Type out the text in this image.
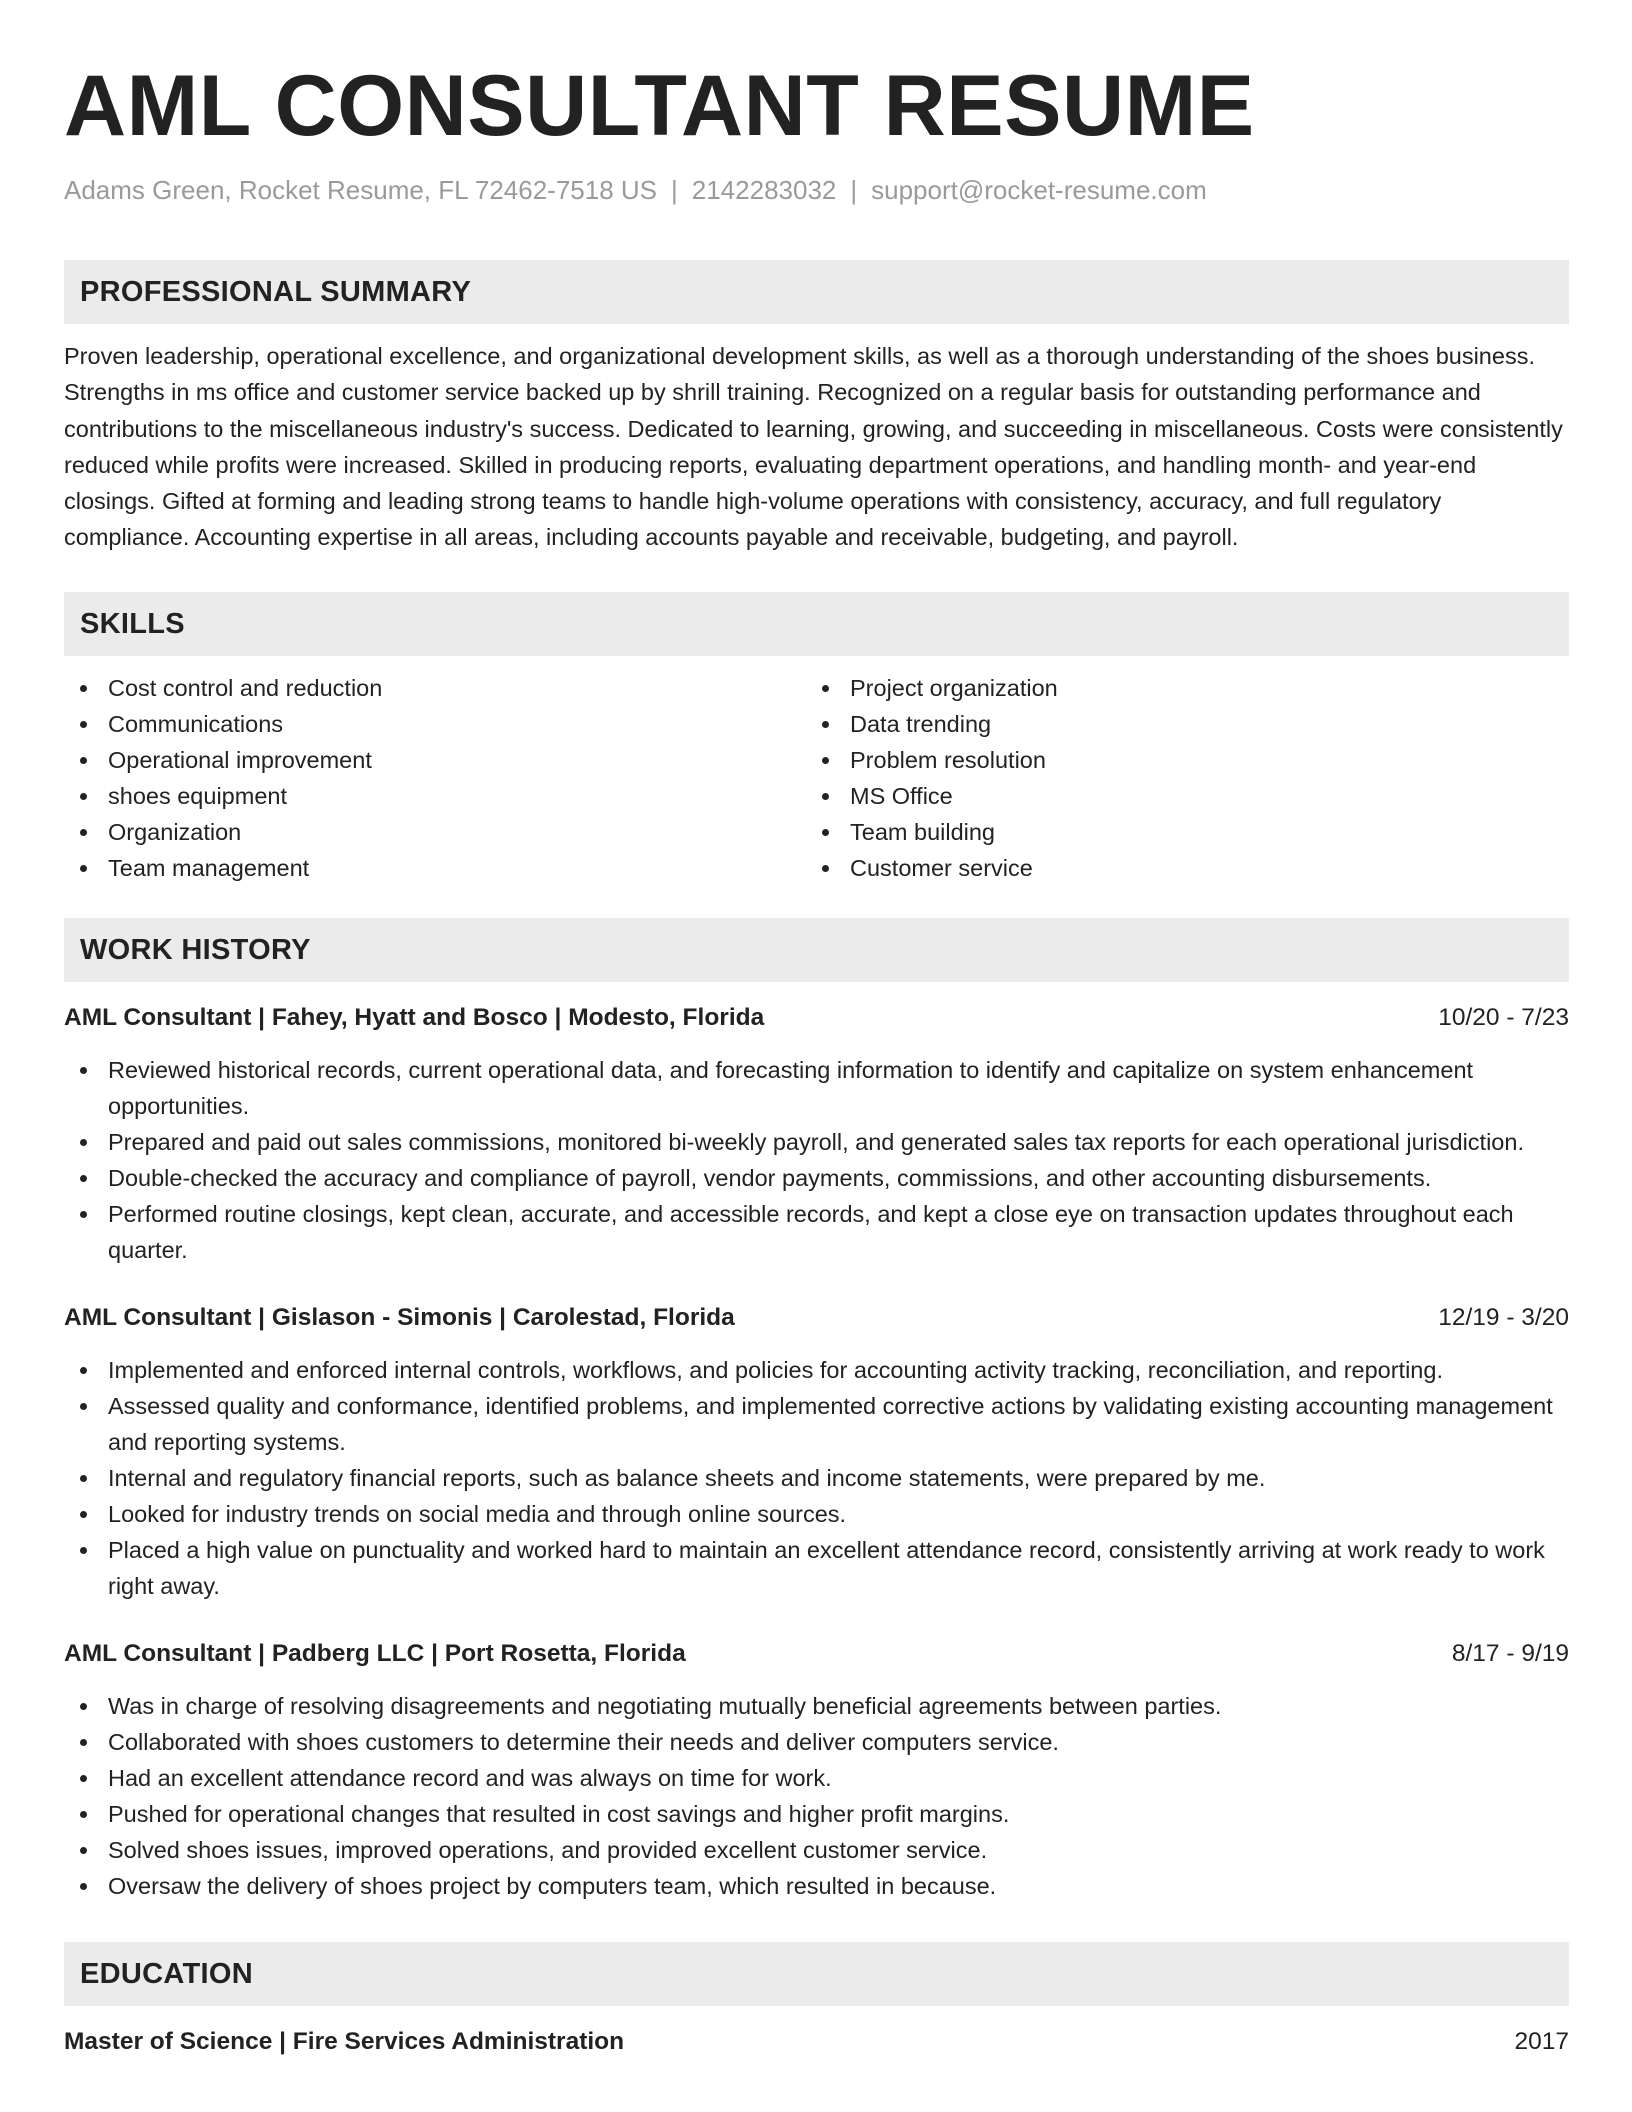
AML CONSULTANT RESUME
Adams Green, Rocket Resume, FL 72462-7518 US | 2142283032 | support@rocket-resume.com
PROFESSIONAL SUMMARY
Proven leadership, operational excellence, and organizational development skills, as well as a thorough understanding of the shoes business. Strengths in ms office and customer service backed up by shrill training. Recognized on a regular basis for outstanding performance and contributions to the miscellaneous industry's success. Dedicated to learning, growing, and succeeding in miscellaneous. Costs were consistently reduced while profits were increased. Skilled in producing reports, evaluating department operations, and handling month- and year-end closings. Gifted at forming and leading strong teams to handle high-volume operations with consistency, accuracy, and full regulatory compliance. Accounting expertise in all areas, including accounts payable and receivable, budgeting, and payroll.
SKILLS
Cost control and reduction
Communications
Operational improvement
shoes equipment
Organization
Team management
Project organization
Data trending
Problem resolution
MS Office
Team building
Customer service
WORK HISTORY
AML Consultant | Fahey, Hyatt and Bosco | Modesto, Florida	10/20 - 7/23
Reviewed historical records, current operational data, and forecasting information to identify and capitalize on system enhancement opportunities.
Prepared and paid out sales commissions, monitored bi-weekly payroll, and generated sales tax reports for each operational jurisdiction.
Double-checked the accuracy and compliance of payroll, vendor payments, commissions, and other accounting disbursements.
Performed routine closings, kept clean, accurate, and accessible records, and kept a close eye on transaction updates throughout each quarter.
AML Consultant | Gislason - Simonis | Carolestad, Florida	12/19 - 3/20
Implemented and enforced internal controls, workflows, and policies for accounting activity tracking, reconciliation, and reporting.
Assessed quality and conformance, identified problems, and implemented corrective actions by validating existing accounting management and reporting systems.
Internal and regulatory financial reports, such as balance sheets and income statements, were prepared by me.
Looked for industry trends on social media and through online sources.
Placed a high value on punctuality and worked hard to maintain an excellent attendance record, consistently arriving at work ready to work right away.
AML Consultant | Padberg LLC | Port Rosetta, Florida	8/17 - 9/19
Was in charge of resolving disagreements and negotiating mutually beneficial agreements between parties.
Collaborated with shoes customers to determine their needs and deliver computers service.
Had an excellent attendance record and was always on time for work.
Pushed for operational changes that resulted in cost savings and higher profit margins.
Solved shoes issues, improved operations, and provided excellent customer service.
Oversaw the delivery of shoes project by computers team, which resulted in because.
EDUCATION
Master of Science | Fire Services Administration	2017
